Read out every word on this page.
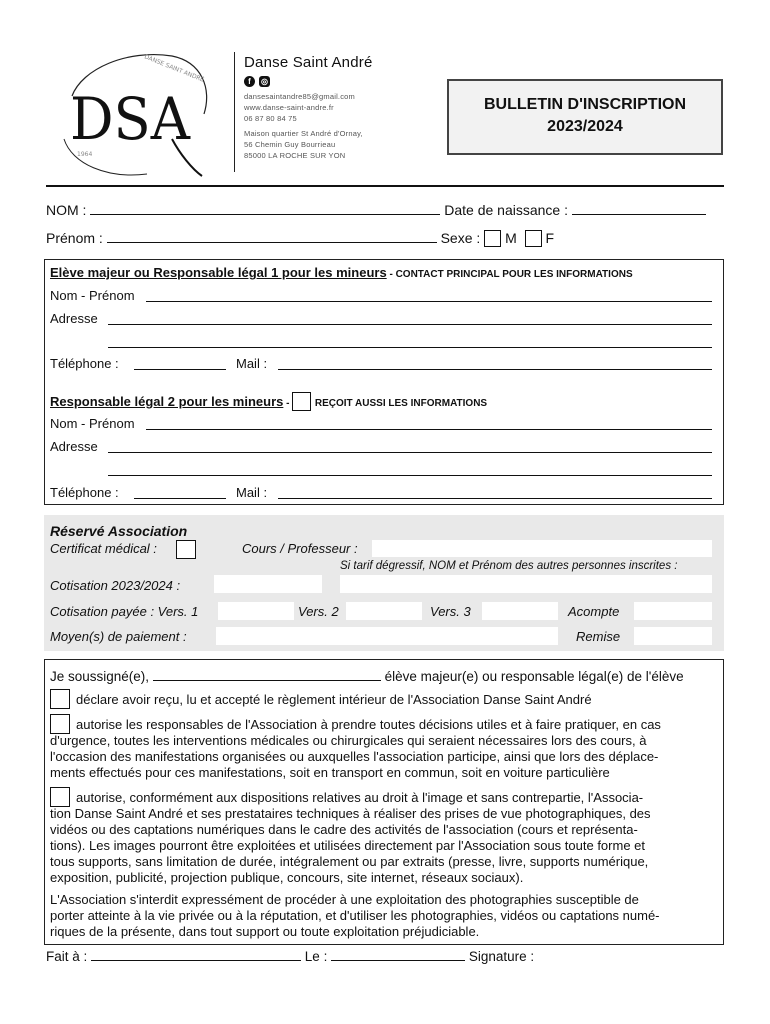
DANSE SAINT ANDRÉ
1964
DSA
Danse Saint André
f	◎
dansesaintandre85@gmail.com
www.danse-saint-andre.fr
06 87 80 84 75
Maison quartier St André d'Ornay,
56 Chemin Guy Bourrieau
85000 LA ROCHE SUR YON
BULLETIN D'INSCRIPTION
2023/2024
NOM :	Date de naissance :
Prénom :	Sexe : M F
Elève majeur ou Responsable légal 1 pour les mineurs - CONTACT PRINCIPAL POUR LES INFORMATIONS
Nom - Prénom
Adresse
Téléphone :	Mail :
Responsable légal 2 pour les mineurs -  REÇOIT AUSSI LES INFORMATIONS
Nom - Prénom
Adresse
Téléphone :	Mail :
Réservé Association
Certificat médical :	Cours / Professeur :
Si tarif dégressif, NOM et Prénom des autres personnes inscrites :
Cotisation 2023/2024 :
Cotisation payée : Vers. 1	Vers. 2	Vers. 3	Acompte
Moyen(s) de paiement :	Remise
Je soussigné(e),	élève majeur(e) ou responsable légal(e) de l'élève
déclare avoir reçu, lu et accepté le règlement intérieur de l'Association Danse Saint André
autorise les responsables de l'Association à prendre toutes décisions utiles et à faire pratiquer, en cas
d'urgence, toutes les interventions médicales ou chirurgicales qui seraient nécessaires lors des cours, à
l'occasion des manifestations organisées ou auxquelles l'association participe, ainsi que lors des déplace-
ments effectués pour ces manifestations, soit en transport en commun, soit en voiture particulière
autorise, conformément aux dispositions relatives au droit à l'image et sans contrepartie, l'Associa-
tion Danse Saint André et ses prestataires techniques à réaliser des prises de vue photographiques, des
vidéos ou des captations numériques dans le cadre des activités de l'association (cours et représenta-
tions). Les images pourront être exploitées et utilisées directement par l'Association sous toute forme et
tous supports, sans limitation de durée, intégralement ou par extraits (presse, livre, supports numérique,
exposition, publicité, projection publique, concours, site internet, réseaux sociaux).
L'Association s'interdit expressément de procéder à une exploitation des photographies susceptible de
porter atteinte à la vie privée ou à la réputation, et d'utiliser les photographies, vidéos ou captations numé-
riques de la présente, dans tout support ou toute exploitation préjudiciable.
Fait à :	Le :	Signature :
